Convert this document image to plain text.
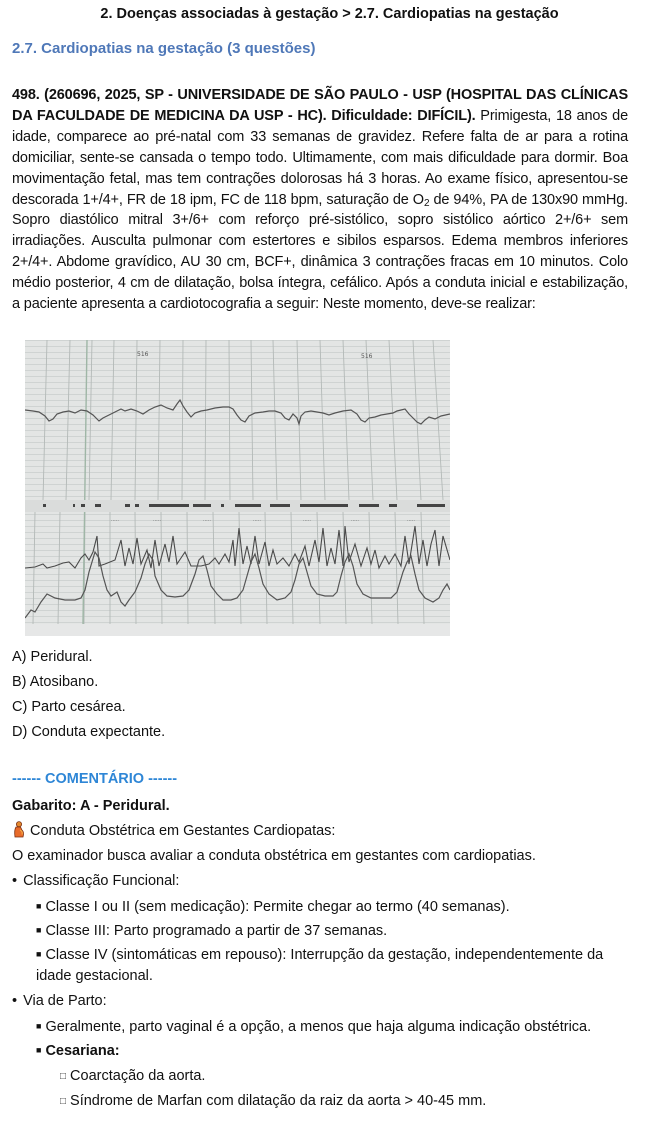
2. Doenças associadas à gestação > 2.7. Cardiopatias na gestação
2.7. Cardiopatias na gestação (3 questões)
498. (260696, 2025, SP - UNIVERSIDADE DE SÃO PAULO - USP (HOSPITAL DAS CLÍNICAS DA FACULDADE DE MEDICINA DA USP - HC). Dificuldade: DIFÍCIL). Primigesta, 18 anos de idade, comparece ao pré-natal com 33 semanas de gravidez. Refere falta de ar para a rotina domiciliar, sente-se cansada o tempo todo. Ultimamente, com mais dificuldade para dormir. Boa movimentação fetal, mas tem contrações dolorosas há 3 horas. Ao exame físico, apresentou-se descorada 1+/4+, FR de 18 ipm, FC de 118 bpm, saturação de $O_2$ de 94%, PA de 130x90 mmHg. Sopro diastólico mitral 3+/6+ com reforço pré-sistólico, sopro sistólico aórtico 2+/6+ sem irradiações. Ausculta pulmonar com estertores e sibilos esparsos. Edema membros inferiores 2+/4+. Abdome gravídico, AU 30 cm, BCF+, dinâmica 3 contrações fracas em 10 minutos. Colo médio posterior, 4 cm de dilatação, bolsa íntegra, cefálico. Após a conduta inicial e estabilização, a paciente apresenta a cardiotocografia a seguir: Neste momento, deve-se realizar:
516	516
·····	·····	·····	·····	·····	·····	·····
A) Peridural.
B) Atosibano.
C) Parto cesárea.
D) Conduta expectante.
------ COMENTÁRIO ------
Gabarito: A - Peridural.
Conduta Obstétrica em Gestantes Cardiopatas:
O examinador busca avaliar a conduta obstétrica em gestantes com cardiopatias.
• Classificação Funcional:
■ Classe I ou II (sem medicação): Permite chegar ao termo (40 semanas).
■ Classe III: Parto programado a partir de 37 semanas.
■ Classe IV (sintomáticas em repouso): Interrupção da gestação, independentemente da idade gestacional.
• Via de Parto:
■ Geralmente, parto vaginal é a opção, a menos que haja alguma indicação obstétrica.
■ Cesariana:
□ Coarctação da aorta.
□ Síndrome de Marfan com dilatação da raiz da aorta > 40-45 mm.
